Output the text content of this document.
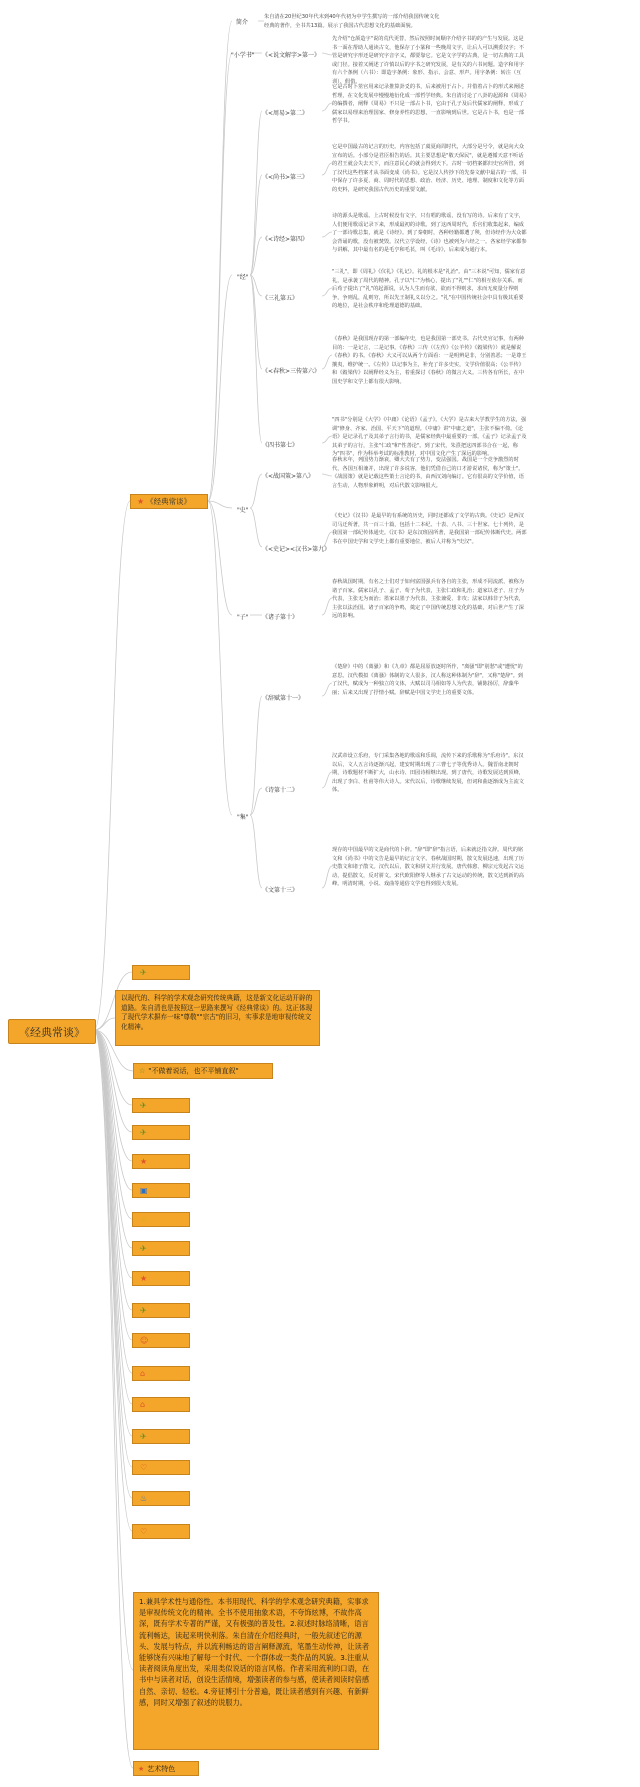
《经典常谈》
★ 《经典常谈》
简介
朱自清在20世纪30年代末到40年代初为中学生撰写的一部介绍我国传统文化经典的著作，全书共13篇。展示了我国古代思想文化的基础面貌。
"小学书"
"经"
"史"
"子"
"集"
《<说文解字>第一》
先介绍"仓颉造字"说的荒代更替，然后按照时间顺序介绍字书的的产生与发展。这是书一面在帮助人通读古文，他保存了小篆和一些晚周文字，让后人可以溯委汉字；不管是研究字形还是研究字音字义，都要靠它。它是文字学的古典，是一切古典的工具或门径。接着又阐述了许慎以后的字书之研究发展，是有关的六书问题。造字和用字有六个条例（六书）：即造字条例：象形、指示、会意、形声。用字条例：转注（互训）、假借。
《<周易>第二》
它是古时卜筮官用来记录推算卦爻的书，后来被用于占卜。并借着占卜的形式来阐述哲理，在文化发展中慢慢地衍化成一部哲学经典。朱自清讨论了八卦的起源和《周易》的编撰者，阐释《周易》不只是一部占卜书，它由于孔子及后代儒家的阐释，形成了儒家以易理来治理国家、修身养性的思想，一直影响到后世。它是占卜书，也是一部哲学书。
《<尚书>第三》
它是中国最古的记言的历史。内容包括了虞夏商周时代，大部分是号令，就是向大众宣布的话。小部分是君臣相告的话。其主要思想是"敬天保民"，就是遵循天意不听话的君王就会失去天下，而注意民心的就会得到天下。古时一切档案都归史官所管，到了汉代这些档案才从书面变成《尚书》。它是汉人传抄下的先秦文献中最古的一部，书中保存了许多夏、商、周时代的思想、政治、经济、历史、地理、制度和文化等方面的史料，是研究我国古代历史的重要文献。
《<诗经>第四》
诗的源头是歌谣。上古时候没有文字，只有唱的歌谣，没有写的诗。后来有了文字，人们便用歌谣记录下来，形成最初的诗歌。到了这西周时代，乐官们收集起来，编成了一部诗歌总集，就是《诗经》。到了秦朝时，各种经籍都遭了殃，但诗经作为大众都会背诵的歌，没有被焚毁。汉代立学设经，《诗》也被列为六经之一。各家经学家都参与讲解，其中最有名的是毛亨和毛苌，叫《毛诗》，后来成为通行本。
《三礼第五》
"三礼"，即《周礼》《仪礼》《礼记》。礼的根本是"礼治"。由"三本说"可知，儒家有意礼，是承袭了周代的精神。孔子以"仁"为核心，提出了"礼""仁"的相互依存关系。而后荀子提出了"礼"的起源说，认为人生而有欲，欲而不得则求，求而无度量分界则争，争则乱，乱则穷，所以先王制礼义以分之。"礼"在中国传统社会中具有极其重要的地位，是社会秩序和伦理道德的基础。
《<春秋>三传第六》
《春秋》是我国现存的第一部编年史，也是我国第一部史书。古代史官记事，有两种目的：一是记言，二是记事。《春秋》三传（《左传》《公羊传》《穀梁传》）就是解说《春秋》的书。《春秋》大义可以从两个方面看：一是明辨是非，分别善恶；一是尊王攘夷，维护统一。《左传》以记事为主，补充了许多史实，文学价值很高；《公羊传》和《穀梁传》以阐释经义为主，着重探讨《春秋》的微言大义。三传各有所长，在中国史学和文学上都有很大影响。
《四书第七》
"四书"分别是《大学》《中庸》《论语》《孟子》。《大学》是古来大学教学生的方法，强调"修身、齐家、治国、平天下"的道理。《中庸》讲"中庸之道"，主张不偏不倚。《论语》是记录孔子及其弟子言行的书，是儒家经典中最重要的一部。《孟子》记录孟子及其弟子的言行，主张"仁政"和"性善论"。到了宋代，朱熹把这四部书合在一起，称为"四书"，作为科举考试的标准教材，对中国文化产生了深远的影响。
《<战国策>第八》
春秋末年，列国势力渐衰，卿大夫有了势力，变法强国。战国是一个竞争激烈的时代，各国互相兼并，出现了许多说客，他们凭借自己的口才游说诸侯，称为"策士"。《战国策》就是记载这些策士言论的书，由西汉刘向编订。它有很高的文学价值，语言生动，人物形象鲜明，对后代散文影响很大。
《<史记><汉书>第九》
《史记》《汉书》是最早的有系统的历史，同时还都成了文学的古典。《史记》是西汉司马迁所著，共一百三十篇，包括十二本纪、十表、八书、三十世家、七十列传，是我国第一部纪传体通史。《汉书》是东汉班固所著，是我国第一部纪传体断代史。两部书在中国史学和文学史上都有重要地位，被后人并称为"史汉"。
《诸子第十》
春秋战国时期，有名之士们对于如何富国强兵有各自的主张，形成不同流派，被称为诸子百家。儒家以孔子、孟子、荀子为代表，主张仁政和礼治；道家以老子、庄子为代表，主张无为而治；墨家以墨子为代表，主张兼爱、非攻；法家以韩非子为代表，主张以法治国。诸子百家的争鸣，奠定了中国传统思想文化的基础，对后世产生了深远的影响。
《辞赋第十一》
《楚辞》中的《离骚》和《九章》都是屈原放逐时所作，"离骚"即"别愁"或"遭忧"的意思。汉代模拟《离骚》体制的文人很多，汉人称这种体制为"辞"，又称"楚辞"。到了汉代，赋成为一种独立的文体，大赋以司马相如等人为代表，铺陈扬厉，辞藻华丽；后来又出现了抒情小赋。辞赋是中国文学史上的重要文体。
《诗第十二》
汉武帝设立乐府，专门采集各地的歌谣和乐调，流传下来的乐歌称为"乐府诗"。东汉以后，文人五言诗逐渐兴起，建安时期出现了三曹七子等优秀诗人。魏晋南北朝时期，诗歌题材不断扩大，山水诗、田园诗相继出现。到了唐代，诗歌发展达到顶峰，出现了李白、杜甫等伟大诗人。宋代以后，诗歌继续发展，但词和曲逐渐成为主流文体。
《文第十三》
现存的中国最早的文是商代的卜辞。"辞"即"辞"指言语，后来就泛指文辞。周代的铭文和《尚书》中的文告是最早的记言文字。春秋战国时期，散文发展迅速，出现了历史散文和诸子散文。汉代以后，散文和骈文并行发展。唐代韩愈、柳宗元发起古文运动，提倡散文，反对骈文。宋代欧阳修等人继承了古文运动的传统，散文达到新的高峰。明清时期，小说、戏曲等通俗文学也得到很大发展。
✈
✈
✈
★
▣
♔
✈
★
✈
☺
⌂
⌂
✈
♡
♨
♡
以现代的、科学的学术观念研究传统典籍，这是新文化运动开辟的道路。朱自清也是按照这一思路来撰写《经典常谈》的。这正体现了现代学术摒弃一味"尊敬""宗古"的旧习，实事求是地审视传统文化精神。
☆ "不做着说话，也不平铺直叙"
1.兼具学术性与通俗性。本书用现代、科学的学术观念研究典籍，实事求是审视传统文化的精神。全书不使用抽象术语，不夸饰炫博，不故作高深，既有学术专著的严谨，又有极强的普及性。2.叙述时脉络清晰，语言流利畅达，读起来明快利落。朱自清在介绍经典时，一般先叙述它的源头、发展与特点，并以流利畅达的语言阐释源流，笔墨生动传神，让读者能够饶有兴味地了解每一个时代、一个群体或一类作品的风貌。3.注重从读者阅读角度出发，采用类似说话的语言风格。作者采用流利的口语，在书中与读者对话，创设生活情境，增强读者的参与感，使读者阅读时倍感自然、亲切、轻松。4.旁征博引十分普遍，既让读者感到有兴趣、有新鲜感，同时又增强了叙述的说服力。
★ 艺术特色
